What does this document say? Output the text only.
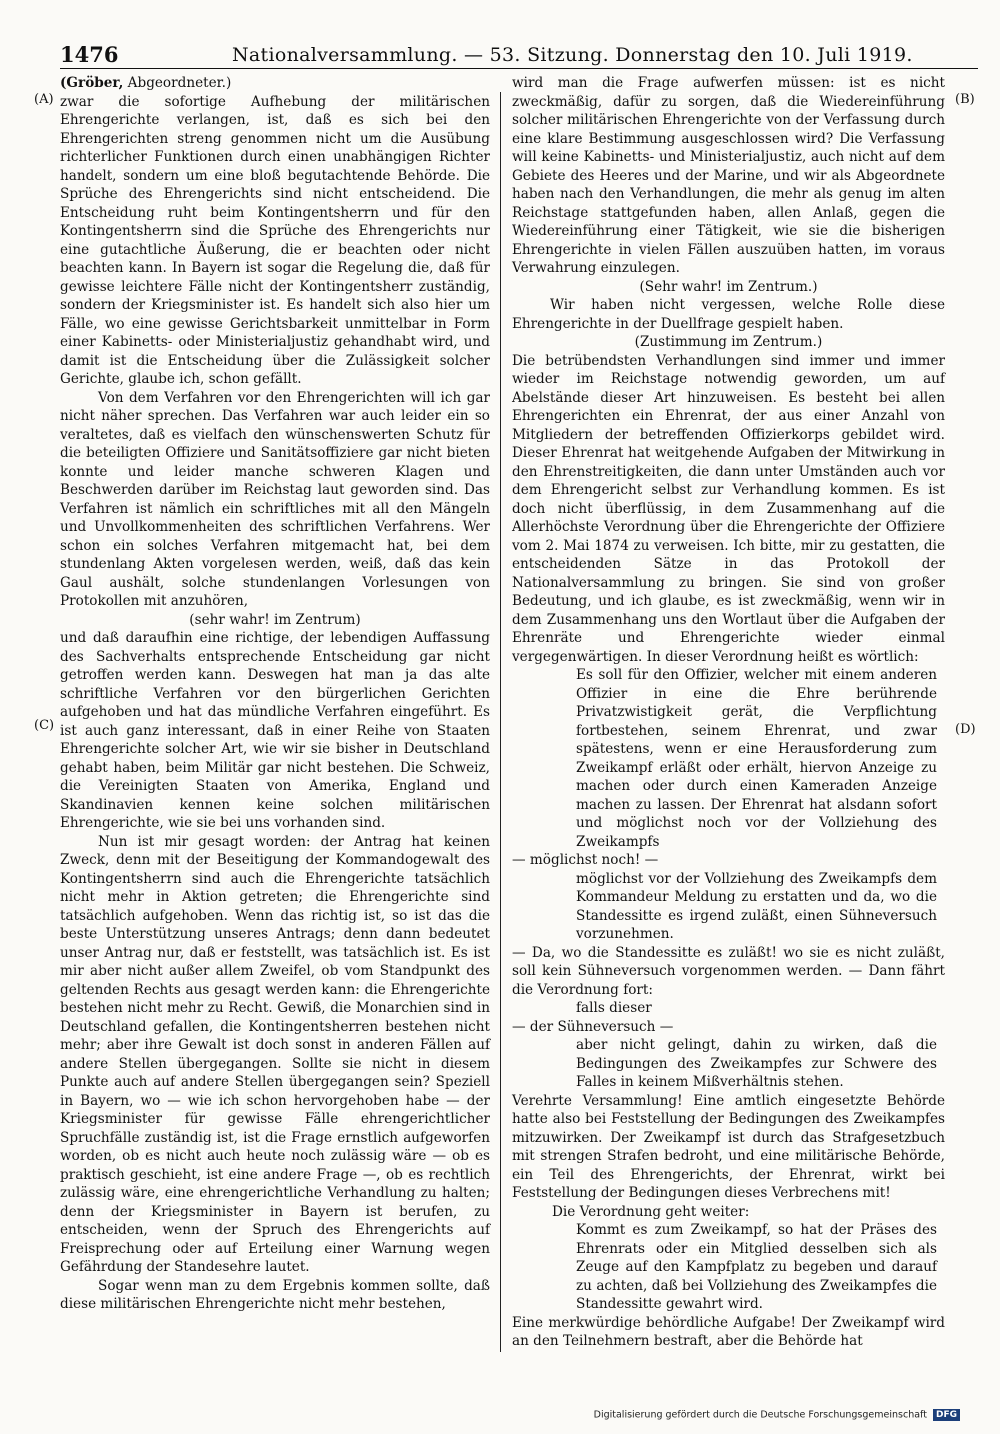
1476	Nationalversammlung. — 53. Sitzung. Donnerstag den 10. Juli 1919.
(A)	(B)
(C)	(D)

(Gröber, Abgeordneter.)

zwar die sofortige Aufhebung der militärischen Ehrengerichte verlangen, ist, daß es sich bei den Ehrengerichten streng genommen nicht um die Ausübung richterlicher Funktionen durch einen unabhängigen Richter handelt, sondern um eine bloß begutachtende Behörde. Die Sprüche des Ehrengerichts sind nicht entscheidend. Die Entscheidung ruht beim Kontingentsherrn und für den Kontingentsherrn sind die Sprüche des Ehrengerichts nur eine gutachtliche Äußerung, die er beachten oder nicht beachten kann. In Bayern ist sogar die Regelung die, daß für gewisse leichtere Fälle nicht der Kontingentsherr zuständig, sondern der Kriegsminister ist. Es handelt sich also hier um Fälle, wo eine gewisse Gerichtsbarkeit unmittelbar in Form einer Kabinetts- oder Ministerialjustiz gehandhabt wird, und damit ist die Entscheidung über die Zulässigkeit solcher Gerichte, glaube ich, schon gefällt.

Von dem Verfahren vor den Ehrengerichten will ich gar nicht näher sprechen. Das Verfahren war auch leider ein so veraltetes, daß es vielfach den wünschenswerten Schutz für die beteiligten Offiziere und Sanitätsoffiziere gar nicht bieten konnte und leider manche schweren Klagen und Beschwerden darüber im Reichstag laut geworden sind. Das Verfahren ist nämlich ein schriftliches mit all den Mängeln und Unvollkommenheiten des schriftlichen Verfahrens. Wer schon ein solches Verfahren mitgemacht hat, bei dem stundenlang Akten vorgelesen werden, weiß, daß das kein Gaul aushält, solche stundenlangen Vorlesungen von Protokollen mit anzuhören,

(sehr wahr! im Zentrum)

und daß daraufhin eine richtige, der lebendigen Auffassung des Sachverhalts entsprechende Entscheidung gar nicht getroffen werden kann. Deswegen hat man ja das alte schriftliche Verfahren vor den bürgerlichen Gerichten aufgehoben und hat das mündliche Verfahren eingeführt. Es ist auch ganz interessant, daß in einer Reihe von Staaten Ehrengerichte solcher Art, wie wir sie bisher in Deutschland gehabt haben, beim Militär gar nicht bestehen. Die Schweiz, die Vereinigten Staaten von Amerika, England und Skandinavien kennen keine solchen militärischen Ehrengerichte, wie sie bei uns vorhanden sind.

Nun ist mir gesagt worden: der Antrag hat keinen Zweck, denn mit der Beseitigung der Kommandogewalt des Kontingentsherrn sind auch die Ehrengerichte tatsächlich nicht mehr in Aktion getreten; die Ehrengerichte sind tatsächlich aufgehoben. Wenn das richtig ist, so ist das die beste Unterstützung unseres Antrags; denn dann bedeutet unser Antrag nur, daß er feststellt, was tatsächlich ist. Es ist mir aber nicht außer allem Zweifel, ob vom Standpunkt des geltenden Rechts aus gesagt werden kann: die Ehrengerichte bestehen nicht mehr zu Recht. Gewiß, die Monarchien sind in Deutschland gefallen, die Kontingentsherren bestehen nicht mehr; aber ihre Gewalt ist doch sonst in anderen Fällen auf andere Stellen übergegangen. Sollte sie nicht in diesem Punkte auch auf andere Stellen übergegangen sein? Speziell in Bayern, wo — wie ich schon hervorgehoben habe — der Kriegsminister für gewisse Fälle ehrengerichtlicher Spruchfälle zuständig ist, ist die Frage ernstlich aufgeworfen worden, ob es nicht auch heute noch zulässig wäre — ob es praktisch geschieht, ist eine andere Frage —, ob es rechtlich zulässig wäre, eine ehrengerichtliche Verhandlung zu halten; denn der Kriegsminister in Bayern ist berufen, zu entscheiden, wenn der Spruch des Ehrengerichts auf Freisprechung oder auf Erteilung einer Warnung wegen Gefährdung der Standesehre lautet.

Sogar wenn man zu dem Ergebnis kommen sollte, daß diese militärischen Ehrengerichte nicht mehr bestehen,

wird man die Frage aufwerfen müssen: ist es nicht zweckmäßig, dafür zu sorgen, daß die Wiedereinführung solcher militärischen Ehrengerichte von der Verfassung durch eine klare Bestimmung ausgeschlossen wird? Die Verfassung will keine Kabinetts- und Ministerialjustiz, auch nicht auf dem Gebiete des Heeres und der Marine, und wir als Abgeordnete haben nach den Verhandlungen, die mehr als genug im alten Reichstage stattgefunden haben, allen Anlaß, gegen die Wiedereinführung einer Tätigkeit, wie sie die bisherigen Ehrengerichte in vielen Fällen auszuüben hatten, im voraus Verwahrung einzulegen.

(Sehr wahr! im Zentrum.)

Wir haben nicht vergessen, welche Rolle diese Ehrengerichte in der Duellfrage gespielt haben.

(Zustimmung im Zentrum.)

Die betrübendsten Verhandlungen sind immer und immer wieder im Reichstage notwendig geworden, um auf Abelstände dieser Art hinzuweisen. Es besteht bei allen Ehrengerichten ein Ehrenrat, der aus einer Anzahl von Mitgliedern der betreffenden Offizierkorps gebildet wird. Dieser Ehrenrat hat weitgehende Aufgaben der Mitwirkung in den Ehrenstreitigkeiten, die dann unter Umständen auch vor dem Ehrengericht selbst zur Verhandlung kommen. Es ist doch nicht überflüssig, in dem Zusammenhang auf die Allerhöchste Verordnung über die Ehrengerichte der Offiziere vom 2. Mai 1874 zu verweisen. Ich bitte, mir zu gestatten, die entscheidenden Sätze in das Protokoll der Nationalversammlung zu bringen. Sie sind von großer Bedeutung, und ich glaube, es ist zweckmäßig, wenn wir in dem Zusammenhang uns den Wortlaut über die Aufgaben der Ehrenräte und Ehrengerichte wieder einmal vergegenwärtigen. In dieser Verordnung heißt es wörtlich:

Es soll für den Offizier, welcher mit einem anderen Offizier in eine die Ehre berührende Privatzwistigkeit gerät, die Verpflichtung fortbestehen, seinem Ehrenrat, und zwar spätestens, wenn er eine Herausforderung zum Zweikampf erläßt oder erhält, hiervon Anzeige zu machen oder durch einen Kameraden Anzeige machen zu lassen. Der Ehrenrat hat alsdann sofort und möglichst noch vor der Vollziehung des Zweikampfs

— möglichst noch! —

möglichst vor der Vollziehung des Zweikampfs dem Kommandeur Meldung zu erstatten und da, wo die Standessitte es irgend zuläßt, einen Sühneversuch vorzunehmen.

— Da, wo die Standessitte es zuläßt! wo sie es nicht zuläßt, soll kein Sühneversuch vorgenommen werden. — Dann fährt die Verordnung fort:

falls dieser

— der Sühneversuch —

aber nicht gelingt, dahin zu wirken, daß die Bedingungen des Zweikampfes zur Schwere des Falles in keinem Mißverhältnis stehen.

Verehrte Versammlung! Eine amtlich eingesetzte Behörde hatte also bei Feststellung der Bedingungen des Zweikampfes mitzuwirken. Der Zweikampf ist durch das Strafgesetzbuch mit strengen Strafen bedroht, und eine militärische Behörde, ein Teil des Ehrengerichts, der Ehrenrat, wirkt bei Feststellung der Bedingungen dieses Verbrechens mit!

Die Verordnung geht weiter:

Kommt es zum Zweikampf, so hat der Präses des Ehrenrats oder ein Mitglied desselben sich als Zeuge auf den Kampfplatz zu begeben und darauf zu achten, daß bei Vollziehung des Zweikampfes die Standessitte gewahrt wird.

Eine merkwürdige behördliche Aufgabe! Der Zweikampf wird an den Teilnehmern bestraft, aber die Behörde hat

Digitalisierung gefördert durch die Deutsche Forschungsgemeinschaft DFG
